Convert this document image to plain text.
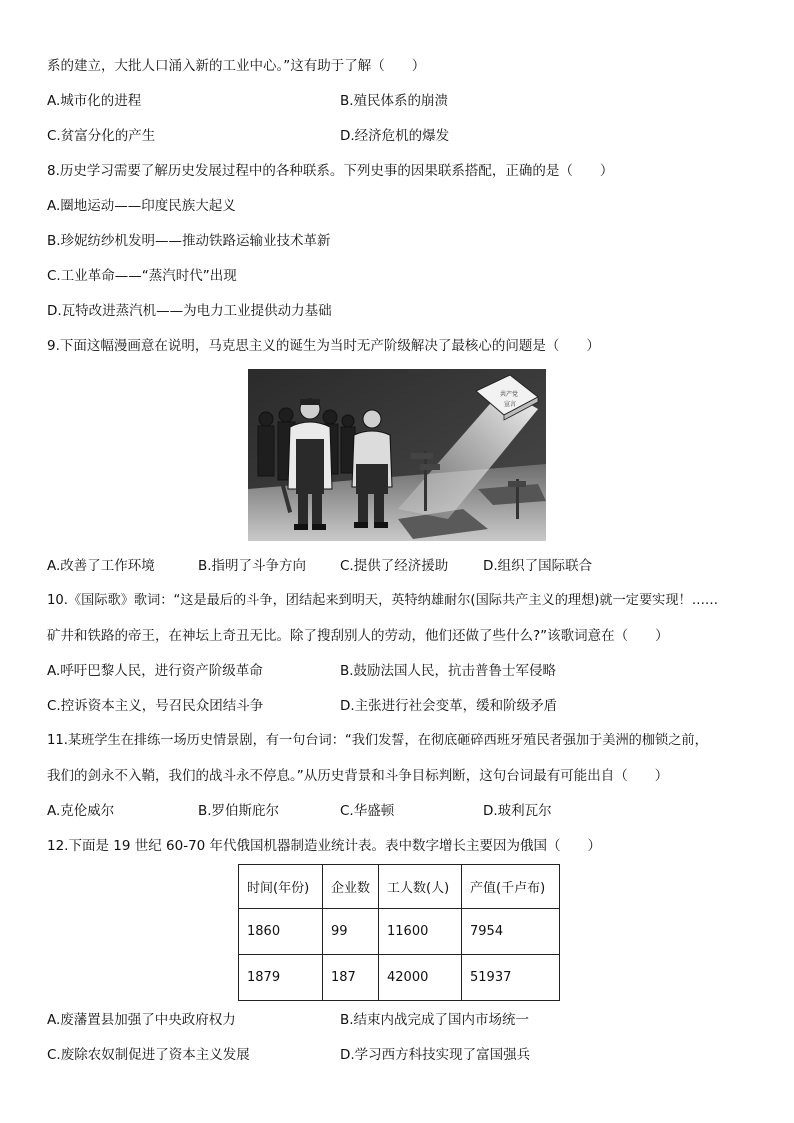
系的建立，大批人口涌入新的工业中心。”这有助于了解（　　）
A.城市化的进程	B.殖民体系的崩溃
C.贫富分化的产生	D.经济危机的爆发
8.历史学习需要了解历史发展过程中的各种联系。下列史事的因果联系搭配，正确的是（　　）
A.圈地运动——印度民族大起义
B.珍妮纺纱机发明——推动铁路运输业技术革新
C.工业革命——“蒸汽时代”出现
D.瓦特改进蒸汽机——为电力工业提供动力基础
9.下面这幅漫画意在说明，马克思主义的诞生为当时无产阶级解决了最核心的问题是（　　）
共产党
宣言
A.改善了工作环境	B.指明了斗争方向	C.提供了经济援助	D.组织了国际联合
10.《国际歌》歌词：“这是最后的斗争，团结起来到明天，英特纳雄耐尔(国际共产主义的理想)就一定要实现！……
矿井和铁路的帝王，在神坛上奇丑无比。除了搜刮别人的劳动，他们还做了些什么?”该歌词意在（　　）
A.呼吁巴黎人民，进行资产阶级革命	B.鼓励法国人民，抗击普鲁士军侵略
C.控诉资本主义，号召民众团结斗争	D.主张进行社会变革，缓和阶级矛盾
11.某班学生在排练一场历史情景剧，有一句台词：“我们发誓，在彻底砸碎西班牙殖民者强加于美洲的枷锁之前，
我们的剑永不入鞘，我们的战斗永不停息。”从历史背景和斗争目标判断，这句台词最有可能出自（　　）
A.克伦威尔	B.罗伯斯庇尔	C.华盛顿	D.玻利瓦尔
12.下面是 19 世纪 60-70 年代俄国机器制造业统计表。表中数字增长主要因为俄国（　　）
时间(年份)	企业数	工人数(人)	产值(千卢布)
1860	99	11600	7954
1879	187	42000	51937
A.废藩置县加强了中央政府权力	B.结束内战完成了国内市场统一
C.废除农奴制促进了资本主义发展	D.学习西方科技实现了富国强兵
